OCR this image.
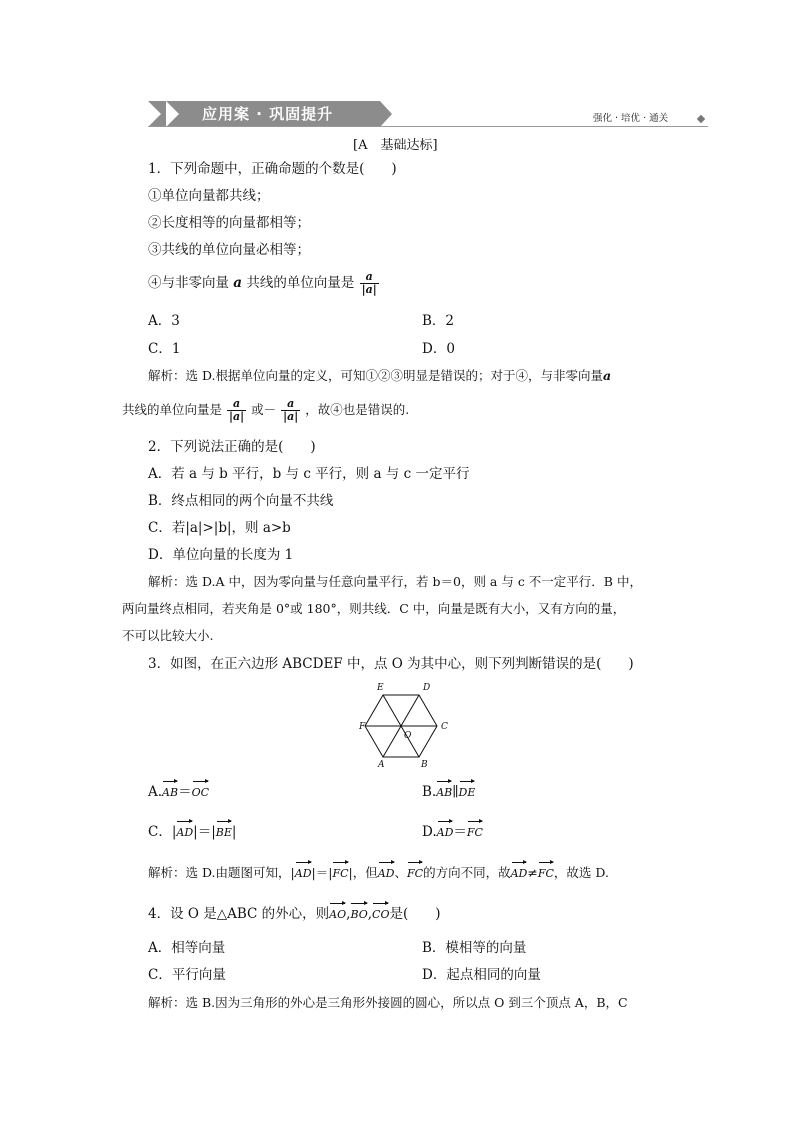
应用案 · 巩固提升	强化 · 培优 · 通关
[A　基础达标]
1．下列命题中，正确命题的个数是(　　)
①单位向量都共线；
②长度相等的向量都相等；
③共线的单位向量必相等；
④与非零向量 a 共线的单位向量是 $\frac{a}{|a|}$
A．3	B．2
C．1	D．0
解析：选 D.根据单位向量的定义，可知①②③明显是错误的；对于④，与非零向量a
共线的单位向量是 $\frac{a}{|a|}$ 或－ $\frac{a}{|a|}$ ，故④也是错误的.
2．下列说法正确的是(　　)
A．若 a 与 b 平行，b 与 c 平行，则 a 与 c 一定平行
B．终点相同的两个向量不共线
C．若|a|>|b|，则 a>b
D．单位向量的长度为 1
解析：选 D.A 中，因为零向量与任意向量平行，若 b＝0，则 a 与 c 不一定平行．B 中，
两向量终点相同，若夹角是 0°或 180°，则共线．C 中，向量是既有大小，又有方向的量，
不可以比较大小.
3．如图，在正六边形 ABCDEF 中，点 O 为其中心，则下列判断错误的是(　　)
A	B
C
D
E
F
O
A.AB＝OC	B.AB∥DE
C．|AD|＝|BE|	D.AD＝FC
解析：选 D.由题图可知，|AD|＝|FC|，但AD、FC的方向不同，故AD≠FC，故选 D.
4．设 O 是△ABC 的外心，则AO,BO,CO是(　　)
A．相等向量	B．模相等的向量
C．平行向量	D．起点相同的向量
解析：选 B.因为三角形的外心是三角形外接圆的圆心，所以点 O 到三个顶点 A，B，C
